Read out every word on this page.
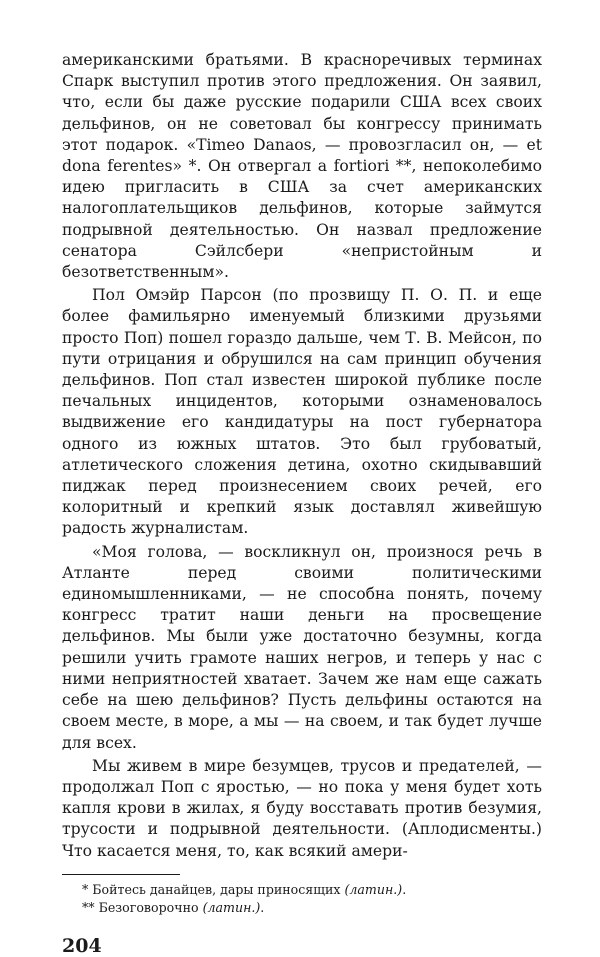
американскими братьями. В красноречивых терминах Спарк выступил против этого предложения. Он заявил, что, если бы даже русские подарили США всех своих дельфинов, он не советовал бы конгрессу принимать этот подарок. «Timeo Danaos, — провозгласил он, — et dona ferentes» *. Он отвергал a fortiori **, непоколебимо идею пригласить в США за счет американских налогоплательщиков дельфинов, которые займутся подрывной деятельностью. Он назвал предложение сенатора Сэйлсбери «непристойным и безответственным».

Пол Омэйр Парсон (по прозвищу П. О. П. и еще более фамильярно именуемый близкими друзьями просто Поп) пошел гораздо дальше, чем Т. В. Мейсон, по пути отрицания и обрушился на сам принцип обучения дельфинов. Поп стал известен широкой публике после печальных инцидентов, которыми ознаменовалось выдвижение его кандидатуры на пост губернатора одного из южных штатов. Это был грубоватый, атлетического сложения детина, охотно скидывавший пиджак перед произнесением своих речей, его колоритный и крепкий язык доставлял живейшую радость журналистам.

«Моя голова, — воскликнул он, произнося речь в Атланте перед своими политическими единомышленниками, — не способна понять, почему конгресс тратит наши деньги на просвещение дельфинов. Мы были уже достаточно безумны, когда решили учить грамоте наших негров, и теперь у нас с ними неприятностей хватает. Зачем же нам еще сажать себе на шею дельфинов? Пусть дельфины остаются на своем месте, в море, а мы — на своем, и так будет лучше для всех.

Мы живем в мире безумцев, трусов и предателей, — продолжал Поп с яростью, — но пока у меня будет хоть капля крови в жилах, я буду восставать против безумия, трусости и подрывной деятельности. (Аплодисменты.) Что касается меня, то, как всякий амери-

* Бойтесь данайцев, дары приносящих (латин.).

** Безоговорочно (латин.).

204
